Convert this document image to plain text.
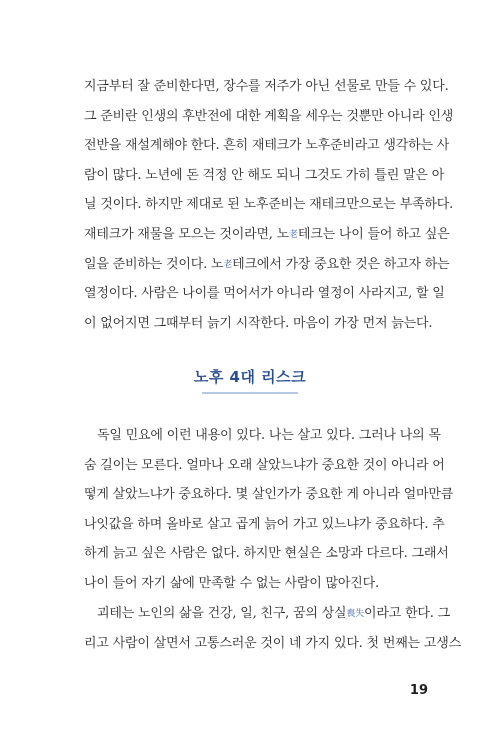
지금부터 잘 준비한다면, 장수를 저주가 아닌 선물로 만들 수 있다.
그 준비란 인생의 후반전에 대한 계획을 세우는 것뿐만 아니라 인생
전반을 재설계해야 한다. 흔히 재테크가 노후준비라고 생각하는 사
람이 많다. 노년에 돈 걱정 안 해도 되니 그것도 가히 틀린 말은 아
닐 것이다. 하지만 제대로 된 노후준비는 재테크만으로는 부족하다.
재테크가 재물을 모으는 것이라면, 노老테크는 나이 들어 하고 싶은
일을 준비하는 것이다. 노老테크에서 가장 중요한 것은 하고자 하는
열정이다. 사람은 나이를 먹어서가 아니라 열정이 사라지고, 할 일
이 없어지면 그때부터 늙기 시작한다. 마음이 가장 먼저 늙는다.
노후 4대 리스크
독일 민요에 이런 내용이 있다. 나는 살고 있다. 그러나 나의 목
숨 길이는 모른다. 얼마나 오래 살았느냐가 중요한 것이 아니라 어
떻게 살았느냐가 중요하다. 몇 살인가가 중요한 게 아니라 얼마만큼
나잇값을 하며 올바로 살고 곱게 늙어 가고 있느냐가 중요하다. 추
하게 늙고 싶은 사람은 없다. 하지만 현실은 소망과 다르다. 그래서
나이 들어 자기 삶에 만족할 수 없는 사람이 많아진다.
괴테는 노인의 삶을 건강, 일, 친구, 꿈의 상실喪失이라고 한다. 그
리고 사람이 살면서 고통스러운 것이 네 가지 있다. 첫 번째는 고생스
19
